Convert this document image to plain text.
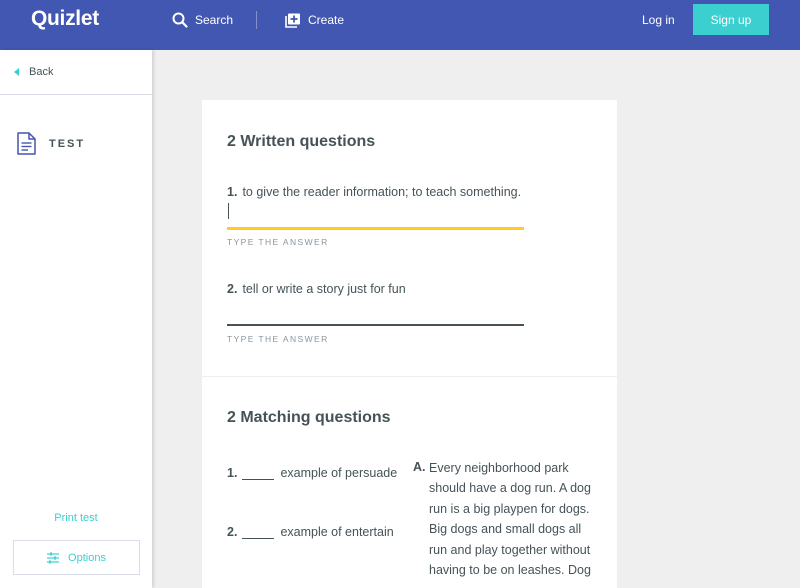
Quizlet	Search	Create	Log in	Sign up
Back
TEST
Print test
Options
2 Written questions
1. to give the reader information; to teach something.
TYPE THE ANSWER
2. tell or write a story just for fun
TYPE THE ANSWER
2 Matching questions
1.	example of persuade
2.	example of entertain
A. Every neighborhood park should have a dog run. A dog run is a big playpen for dogs. Big dogs and small dogs all run and play together without having to be on leashes. Dog
